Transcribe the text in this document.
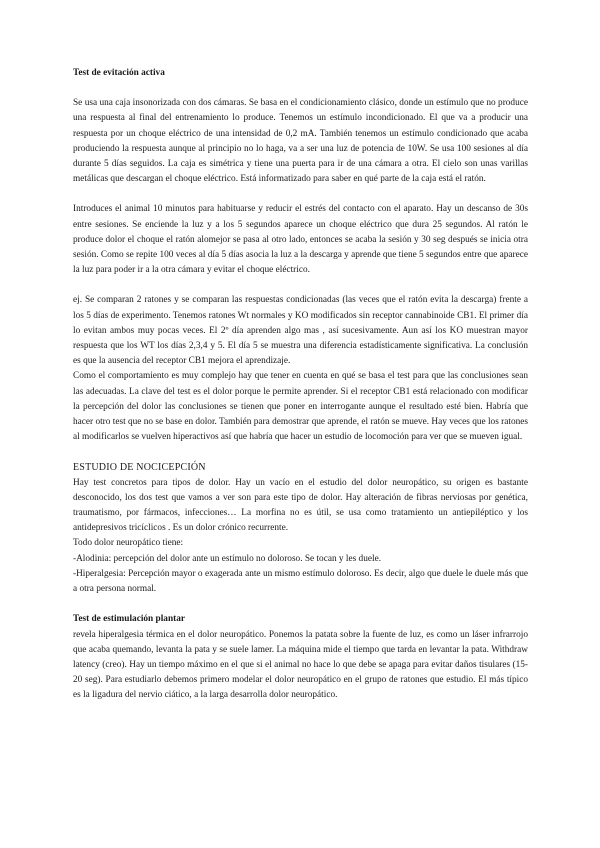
Test de evitación activa

Se usa una caja insonorizada con dos cámaras. Se basa en el condicionamiento clásico, donde un estímulo que no produce una respuesta al final del entrenamiento lo produce. Tenemos un estímulo incondicionado. El que va a producir una respuesta por un choque eléctrico de una intensidad de 0,2 mA. También tenemos un estímulo condicionado que acaba produciendo la respuesta aunque al principio no lo haga, va a ser una luz de potencia de 10W. Se usa 100 sesiones al día durante 5 días seguidos. La caja es simétrica y tiene una puerta para ir de una cámara a otra. El cielo son unas varillas metálicas que descargan el choque eléctrico. Está informatizado para saber en qué parte de la caja está el ratón.

Introduces el animal 10 minutos para habituarse y reducir el estrés del contacto con el aparato. Hay un descanso de 30s entre sesiones. Se enciende la luz y a los 5 segundos aparece un choque eléctrico que dura 25 segundos. Al ratón le produce dolor el choque el ratón alomejor se pasa al otro lado, entonces se acaba la sesión y 30 seg después se inicia otra sesión. Como se repite 100 veces al día 5 días asocia la luz a la descarga y aprende que tiene 5 segundos entre que aparece la luz para poder ir a la otra cámara y evitar el choque eléctrico.

ej. Se comparan 2 ratones y se comparan las respuestas condicionadas (las veces que el ratón evita la descarga) frente a los 5 días de experimento. Tenemos ratones Wt normales y KO modificados sin receptor cannabinoide CB1. El primer día lo evitan ambos muy pocas veces. El 2º día aprenden algo mas , así sucesivamente. Aun así los KO muestran mayor respuesta que los WT los días 2,3,4 y 5. El día 5 se muestra una diferencia estadísticamente significativa. La conclusión es que la ausencia del receptor CB1 mejora el aprendizaje.

Como el comportamiento es muy complejo hay que tener en cuenta en qué se basa el test para que las conclusiones sean las adecuadas. La clave del test es el dolor porque le permite aprender. Si el receptor CB1 está relacionado con modificar la percepción del dolor las conclusiones se tienen que poner en interrogante aunque el resultado esté bien. Habría que hacer otro test que no se base en dolor. También para demostrar que aprende, el ratón se mueve. Hay veces que los ratones al modificarlos se vuelven hiperactivos así que habría que hacer un estudio de locomoción para ver que se mueven igual.

ESTUDIO DE NOCICEPCIÓN

Hay test concretos para tipos de dolor. Hay un vacío en el estudio del dolor neuropático, su origen es bastante desconocido, los dos test que vamos a ver son para este tipo de dolor. Hay alteración de fibras nerviosas por genética, traumatismo, por fármacos, infecciones… La morfina no es útil, se usa como tratamiento un antiepiléptico y los antidepresivos tricíclicos . Es un dolor crónico recurrente.

Todo dolor neuropático tiene:
-Alodinia: percepción del dolor ante un estímulo no doloroso. Se tocan y les duele.

-Hiperalgesia: Percepción mayor o exagerada ante un mismo estímulo doloroso. Es decir, algo que duele le duele más que a otra persona normal.

Test de estimulación plantar

revela hiperalgesia térmica en el dolor neuropático. Ponemos la patata sobre la fuente de luz, es como un láser infrarrojo que acaba quemando, levanta la pata y se suele lamer. La máquina mide el tiempo que tarda en levantar la pata. Withdraw latency (creo). Hay un tiempo máximo en el que si el animal no hace lo que debe se apaga para evitar daños tisulares (15-20 seg). Para estudiarlo debemos primero modelar el dolor neuropático en el grupo de ratones que estudio. El más típico es la ligadura del nervio ciático, a la larga desarrolla dolor neuropático.
